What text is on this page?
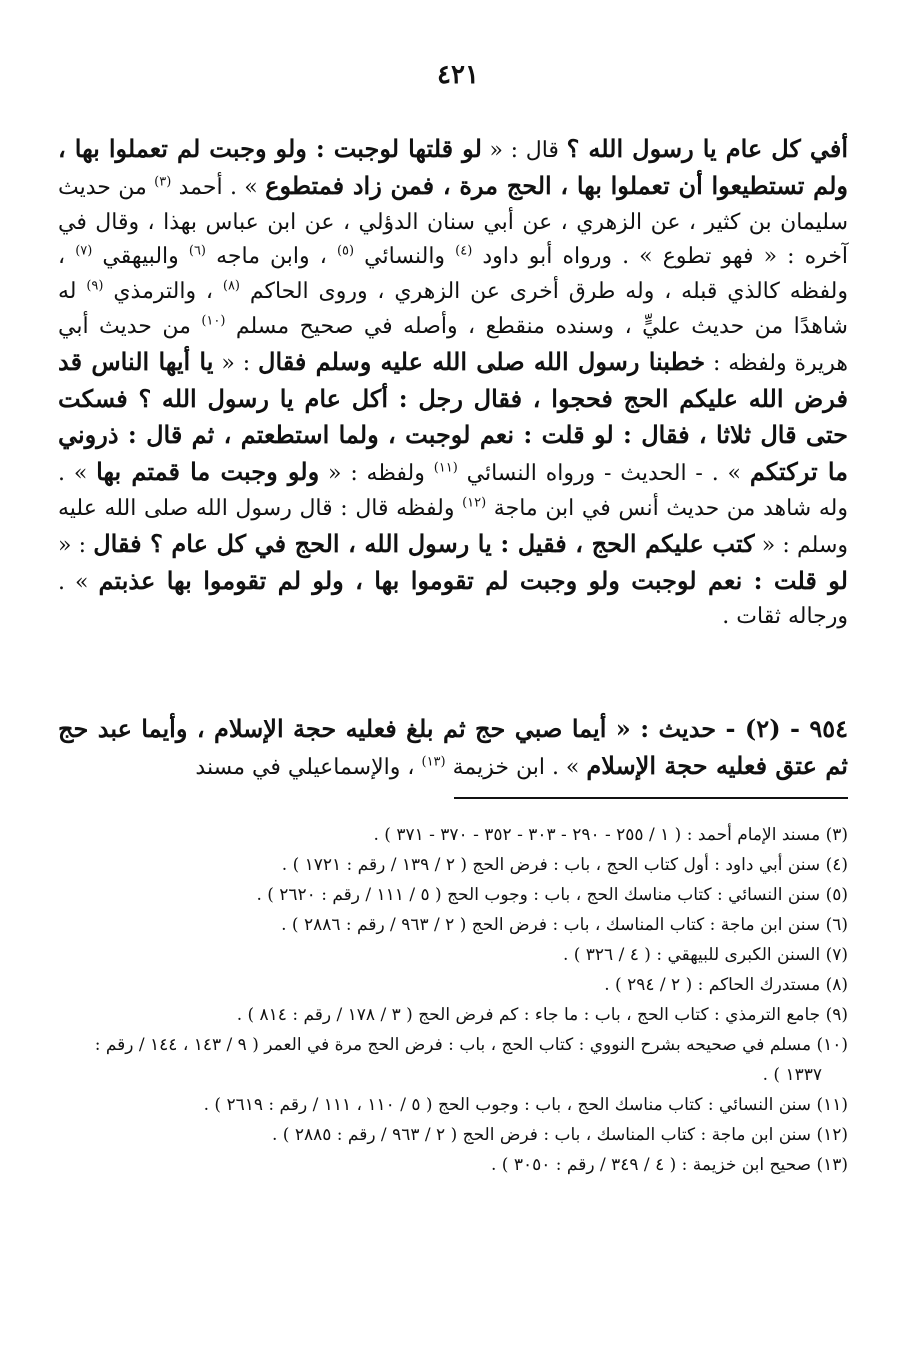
٤٢١

أفي كل عام يا رسول الله ؟ قال : « لو قلتها لوجبت : ولو وجبت لم تعملوا بها ، ولم تستطيعوا أن تعملوا بها ، الحج مرة ، فمن زاد فمتطوع » . أحمد $^{(٣)}$ من حديث سليمان بن كثير ، عن الزهري ، عن أبي سنان الدؤلي ، عن ابن عباس بهذا ، وقال في آخره : « فهو تطوع » . ورواه أبو داود $^{(٤)}$ والنسائي $^{(٥)}$ ، وابن ماجه $^{(٦)}$ والبيهقي $^{(٧)}$ ، ولفظه كالذي قبله ، وله طرق أخرى عن الزهري ، وروى الحاكم $^{(٨)}$ ، والترمذي $^{(٩)}$ له شاهدًا من حديث عليٍّ ، وسنده منقطع ، وأصله في صحيح مسلم $^{(١٠)}$ من حديث أبي هريرة ولفظه : خطبنا رسول الله صلى الله عليه وسلم فقال : « يا أيها الناس قد فرض الله عليكم الحج فحجوا ، فقال رجل : أكل عام يا رسول الله ؟ فسكت حتى قال ثلاثا ، فقال : لو قلت : نعم لوجبت ، ولما استطعتم ، ثم قال : ذروني ما تركتكم » . - الحديث - ورواه النسائي $^{(١١)}$ ولفظه : « ولو وجبت ما قمتم بها » . وله شاهد من حديث أنس في ابن ماجة $^{(١٢)}$ ولفظه قال : قال رسول الله صلى الله عليه وسلم : « كتب عليكم الحج ، فقيل : يا رسول الله ، الحج في كل عام ؟ فقال : « لو قلت : نعم لوجبت ولو وجبت لم تقوموا بها ، ولو لم تقوموا بها عذبتم » . ورجاله ثقات .

٩٥٤ - (٢) - حديث : « أيما صبي حج ثم بلغ فعليه حجة الإسلام ، وأيما عبد حج ثم عتق فعليه حجة الإسلام » . ابن خزيمة $^{(١٣)}$ ، والإسماعيلي في مسند

(٣) مسند الإمام أحمد : ( ١ / ٢٥٥ - ٢٩٠ - ٣٠٣ - ٣٥٢ - ٣٧٠ - ٣٧١ ) .
(٤) سنن أبي داود : أول كتاب الحج ، باب : فرض الحج ( ٢ / ١٣٩ / رقم : ١٧٢١ ) .
(٥) سنن النسائي : كتاب مناسك الحج ، باب : وجوب الحج ( ٥ / ١١١ / رقم : ٢٦٢٠ ) .
(٦) سنن ابن ماجة : كتاب المناسك ، باب : فرض الحج ( ٢ / ٩٦٣ / رقم : ٢٨٨٦ ) .
(٧) السنن الكبرى للبيهقي : ( ٤ / ٣٢٦ ) .
(٨) مستدرك الحاكم : ( ٢ / ٢٩٤ ) .
(٩) جامع الترمذي : كتاب الحج ، باب : ما جاء : كم فرض الحج ( ٣ / ١٧٨ / رقم : ٨١٤ ) .
(١٠) مسلم في صحيحه بشرح النووي : كتاب الحج ، باب : فرض الحج مرة في العمر ( ٩ / ١٤٣ ، ١٤٤ / رقم : ١٣٣٧ ) .
(١١) سنن النسائي : كتاب مناسك الحج ، باب : وجوب الحج ( ٥ / ١١٠ ، ١١١ / رقم : ٢٦١٩ ) .
(١٢) سنن ابن ماجة : كتاب المناسك ، باب : فرض الحج ( ٢ / ٩٦٣ / رقم : ٢٨٨٥ ) .
(١٣) صحيح ابن خزيمة : ( ٤ / ٣٤٩ / رقم : ٣٠٥٠ ) .
